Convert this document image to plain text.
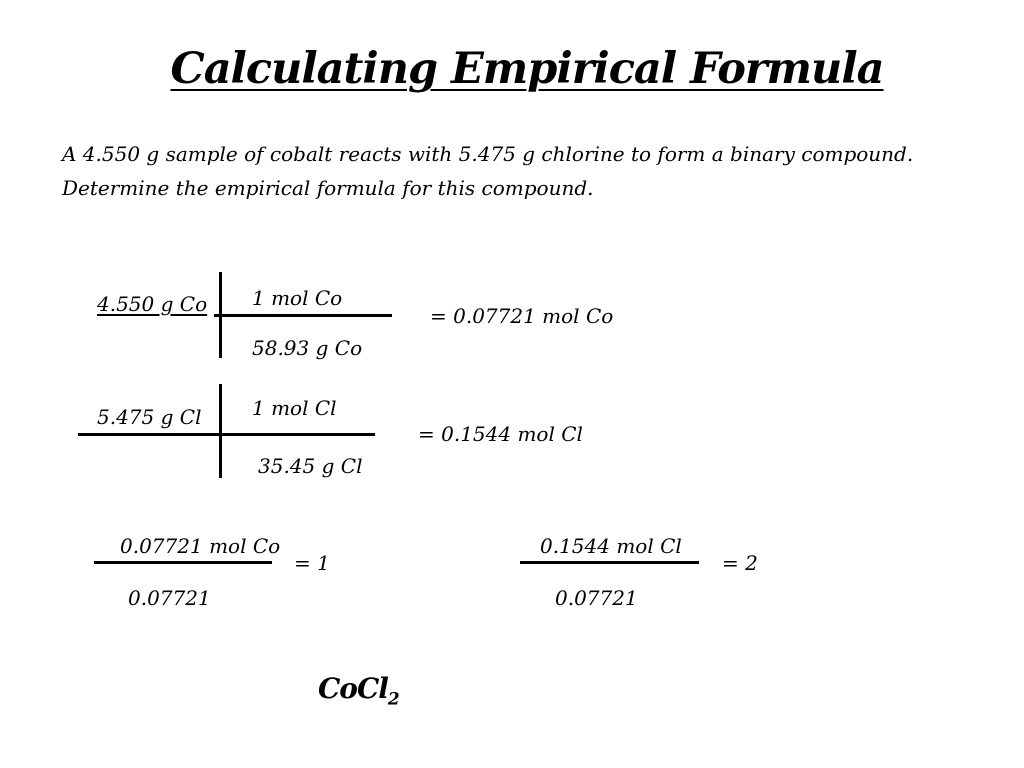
Calculating Empirical Formula
A 4.550 g sample of cobalt reacts with 5.475 g chlorine to form a binary compound.
Determine the empirical formula for this compound.
4.550 g Co 1 mol Co
58.93 g Co
= 0.07721 mol Co
5.475 g Cl	1 mol Cl
35.45 g Cl
= 0.1544 mol Cl
0.07721 mol Co
0.07721
= 1
0.1544 mol Cl
0.07721
= 2
CoCl$_2$
